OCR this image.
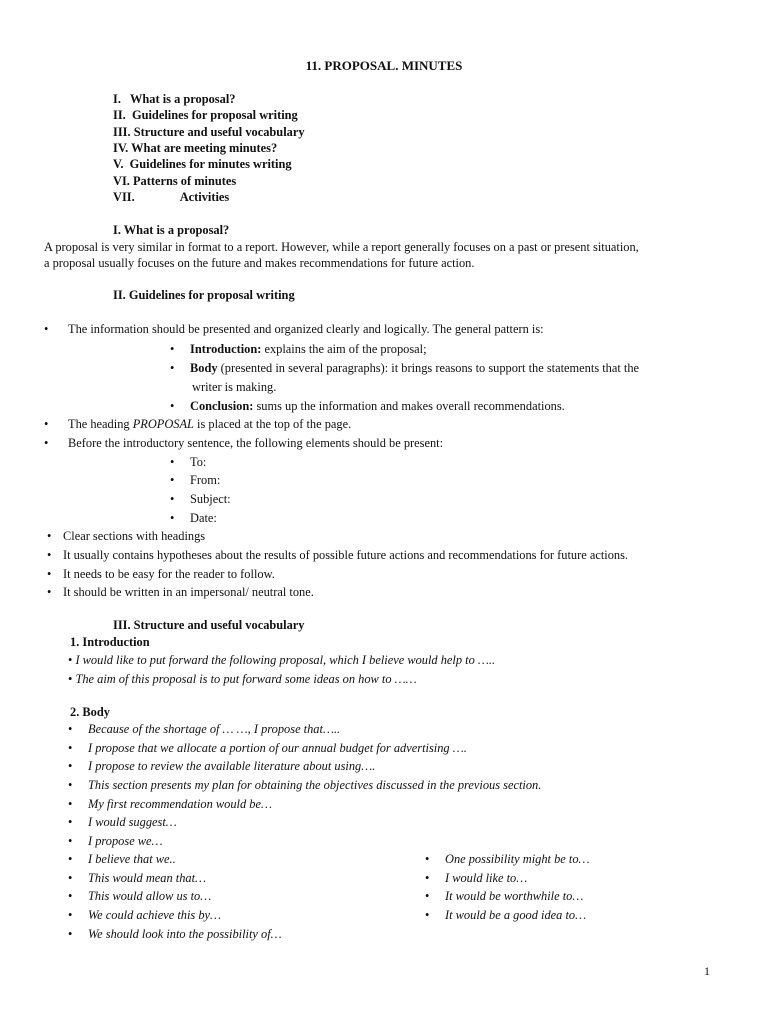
11. PROPOSAL. MINUTES
I. What is a proposal?
II. Guidelines for proposal writing
III. Structure and useful vocabulary
IV. What are meeting minutes?
V. Guidelines for minutes writing
VI. Patterns of minutes
VII.	Activities
I. What is a proposal?
A proposal is very similar in format to a report. However, while a report generally focuses on a past or present situation,
a proposal usually focuses on the future and makes recommendations for future action.
II. Guidelines for proposal writing
• The information should be presented and organized clearly and logically. The general pattern is:
• Introduction: explains the aim of the proposal;
• Body (presented in several paragraphs): it brings reasons to support the statements that the
writer is making.
• Conclusion: sums up the information and makes overall recommendations.
• The heading PROPOSAL is placed at the top of the page.
• Before the introductory sentence, the following elements should be present:
• To:
• From:
• Subject:
• Date:
• Clear sections with headings
• It usually contains hypotheses about the results of possible future actions and recommendations for future actions.
• It needs to be easy for the reader to follow.
• It should be written in an impersonal/ neutral tone.
III. Structure and useful vocabulary
1. Introduction
• I would like to put forward the following proposal, which I believe would help to …..
• The aim of this proposal is to put forward some ideas on how to ……
2. Body
• Because of the shortage of … …, I propose that…..
• I propose that we allocate a portion of our annual budget for advertising ….
• I propose to review the available literature about using….
• This section presents my plan for obtaining the objectives discussed in the previous section.
• My first recommendation would be…
• I would suggest…
• I propose we…
• I believe that we..
• This would mean that…
• This would allow us to…
• We could achieve this by…
• We should look into the possibility of…
• One possibility might be to…
• I would like to…
• It would be worthwhile to…
• It would be a good idea to…
1
